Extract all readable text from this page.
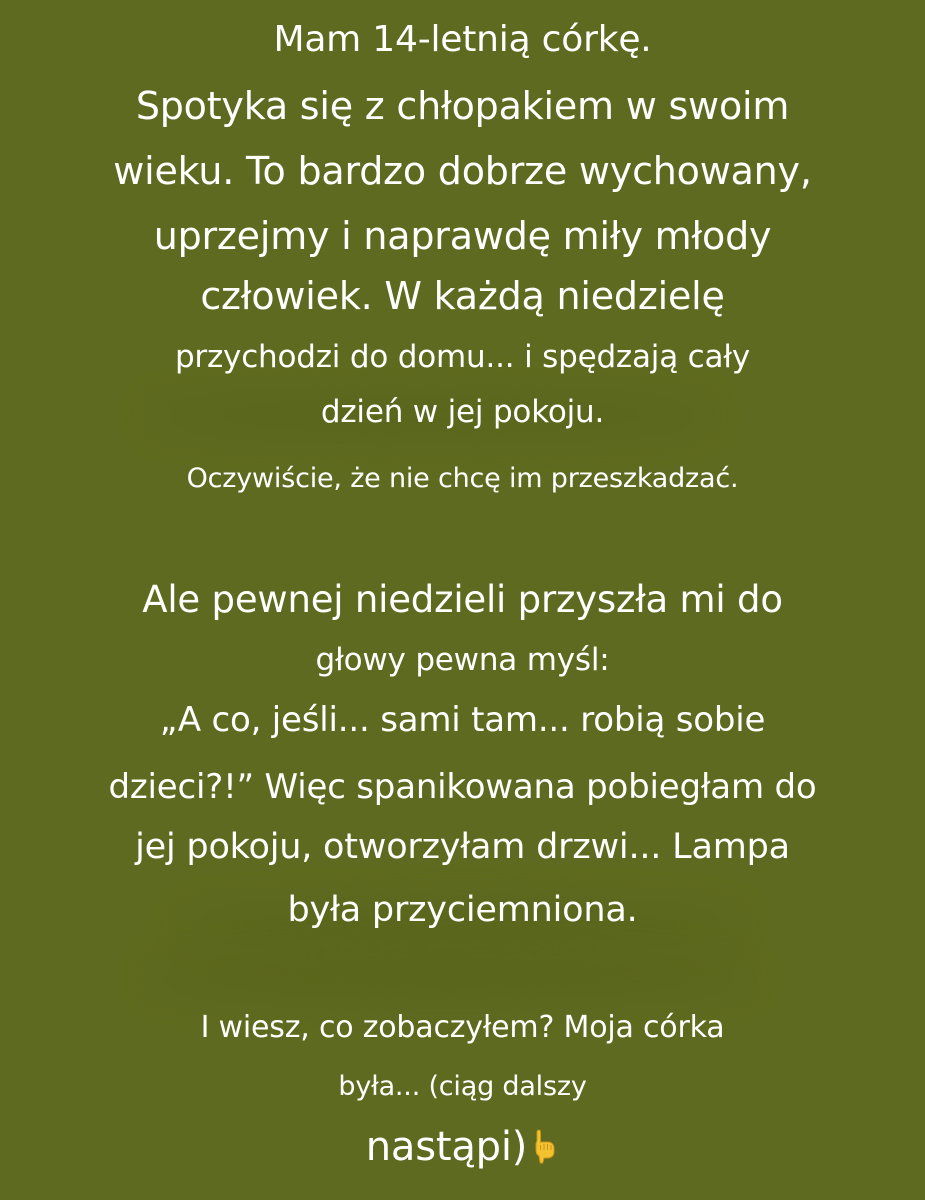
Mam 14-letnią córkę.
Spotyka się z chłopakiem w swoim
wieku. To bardzo dobrze wychowany,
uprzejmy i naprawdę miły młody
człowiek. W każdą niedzielę
przychodzi do domu... i spędzają cały
dzień w jej pokoju.
Oczywiście, że nie chcę im przeszkadzać.
Ale pewnej niedzieli przyszła mi do
głowy pewna myśl:
„A co, jeśli... sami tam... robią sobie
dzieci?!” Więc spanikowana pobiegłam do
jej pokoju, otworzyłam drzwi... Lampa
była przyciemniona.
I wiesz, co zobaczyłem? Moja córka
była... (ciąg dalszy
nastąpi)
